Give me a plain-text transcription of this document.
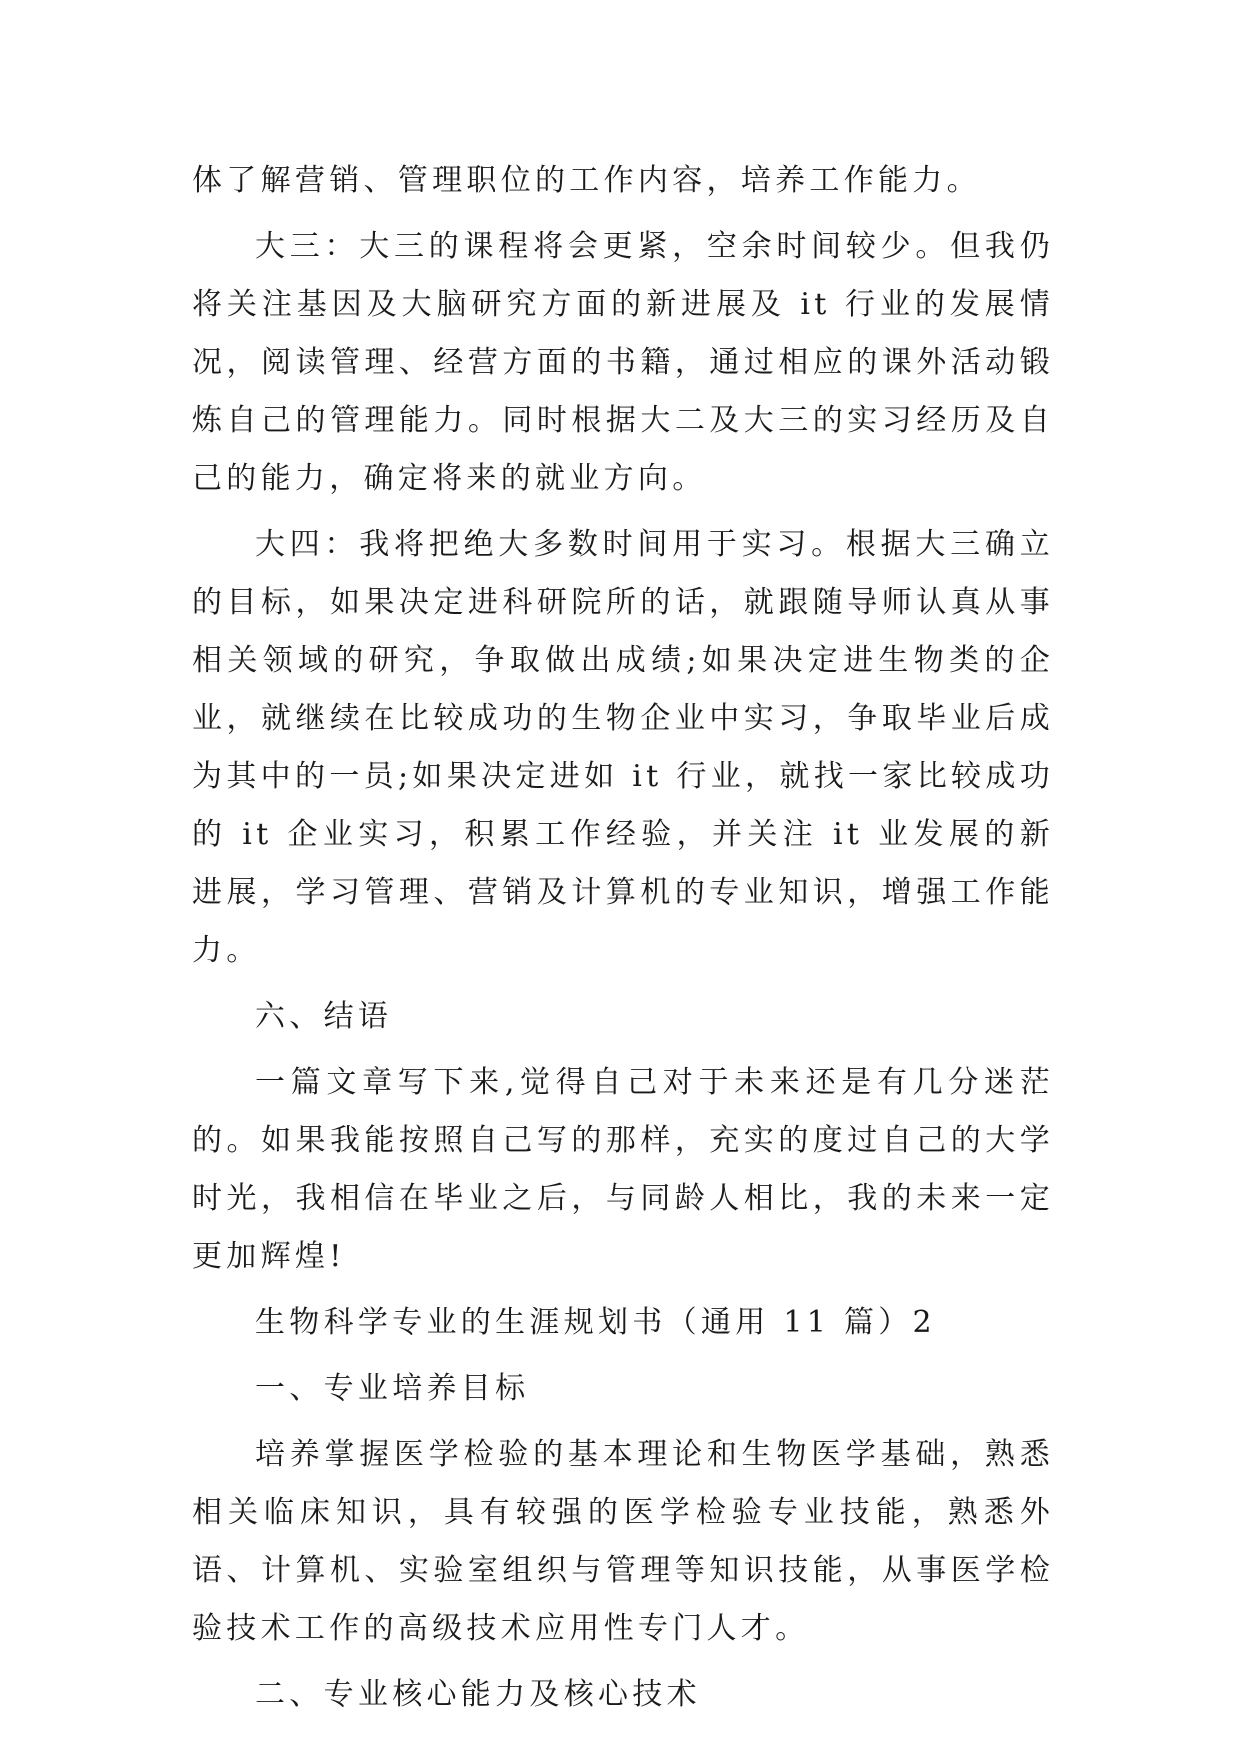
体了解营销、管理职位的工作内容，培养工作能力。

大三：大三的课程将会更紧，空余时间较少。但我仍将关注基因及大脑研究方面的新进展及 it 行业的发展情况，阅读管理、经营方面的书籍，通过相应的课外活动锻炼自己的管理能力。同时根据大二及大三的实习经历及自己的能力，确定将来的就业方向。

大四：我将把绝大多数时间用于实习。根据大三确立的目标，如果决定进科研院所的话，就跟随导师认真从事相关领域的研究，争取做出成绩;如果决定进生物类的企业，就继续在比较成功的生物企业中实习，争取毕业后成为其中的一员;如果决定进如 it 行业，就找一家比较成功的 it 企业实习，积累工作经验，并关注 it 业发展的新进展，学习管理、营销及计算机的专业知识，增强工作能力。

六、结语

一篇文章写下来,觉得自己对于未来还是有几分迷茫的。如果我能按照自己写的那样，充实的度过自己的大学时光，我相信在毕业之后，与同龄人相比，我的未来一定更加辉煌!

生物科学专业的生涯规划书（通用 11 篇）2

一、专业培养目标

培养掌握医学检验的基本理论和生物医学基础，熟悉相关临床知识，具有较强的医学检验专业技能，熟悉外语、计算机、实验室组织与管理等知识技能，从事医学检验技术工作的高级技术应用性专门人才。

二、专业核心能力及核心技术
